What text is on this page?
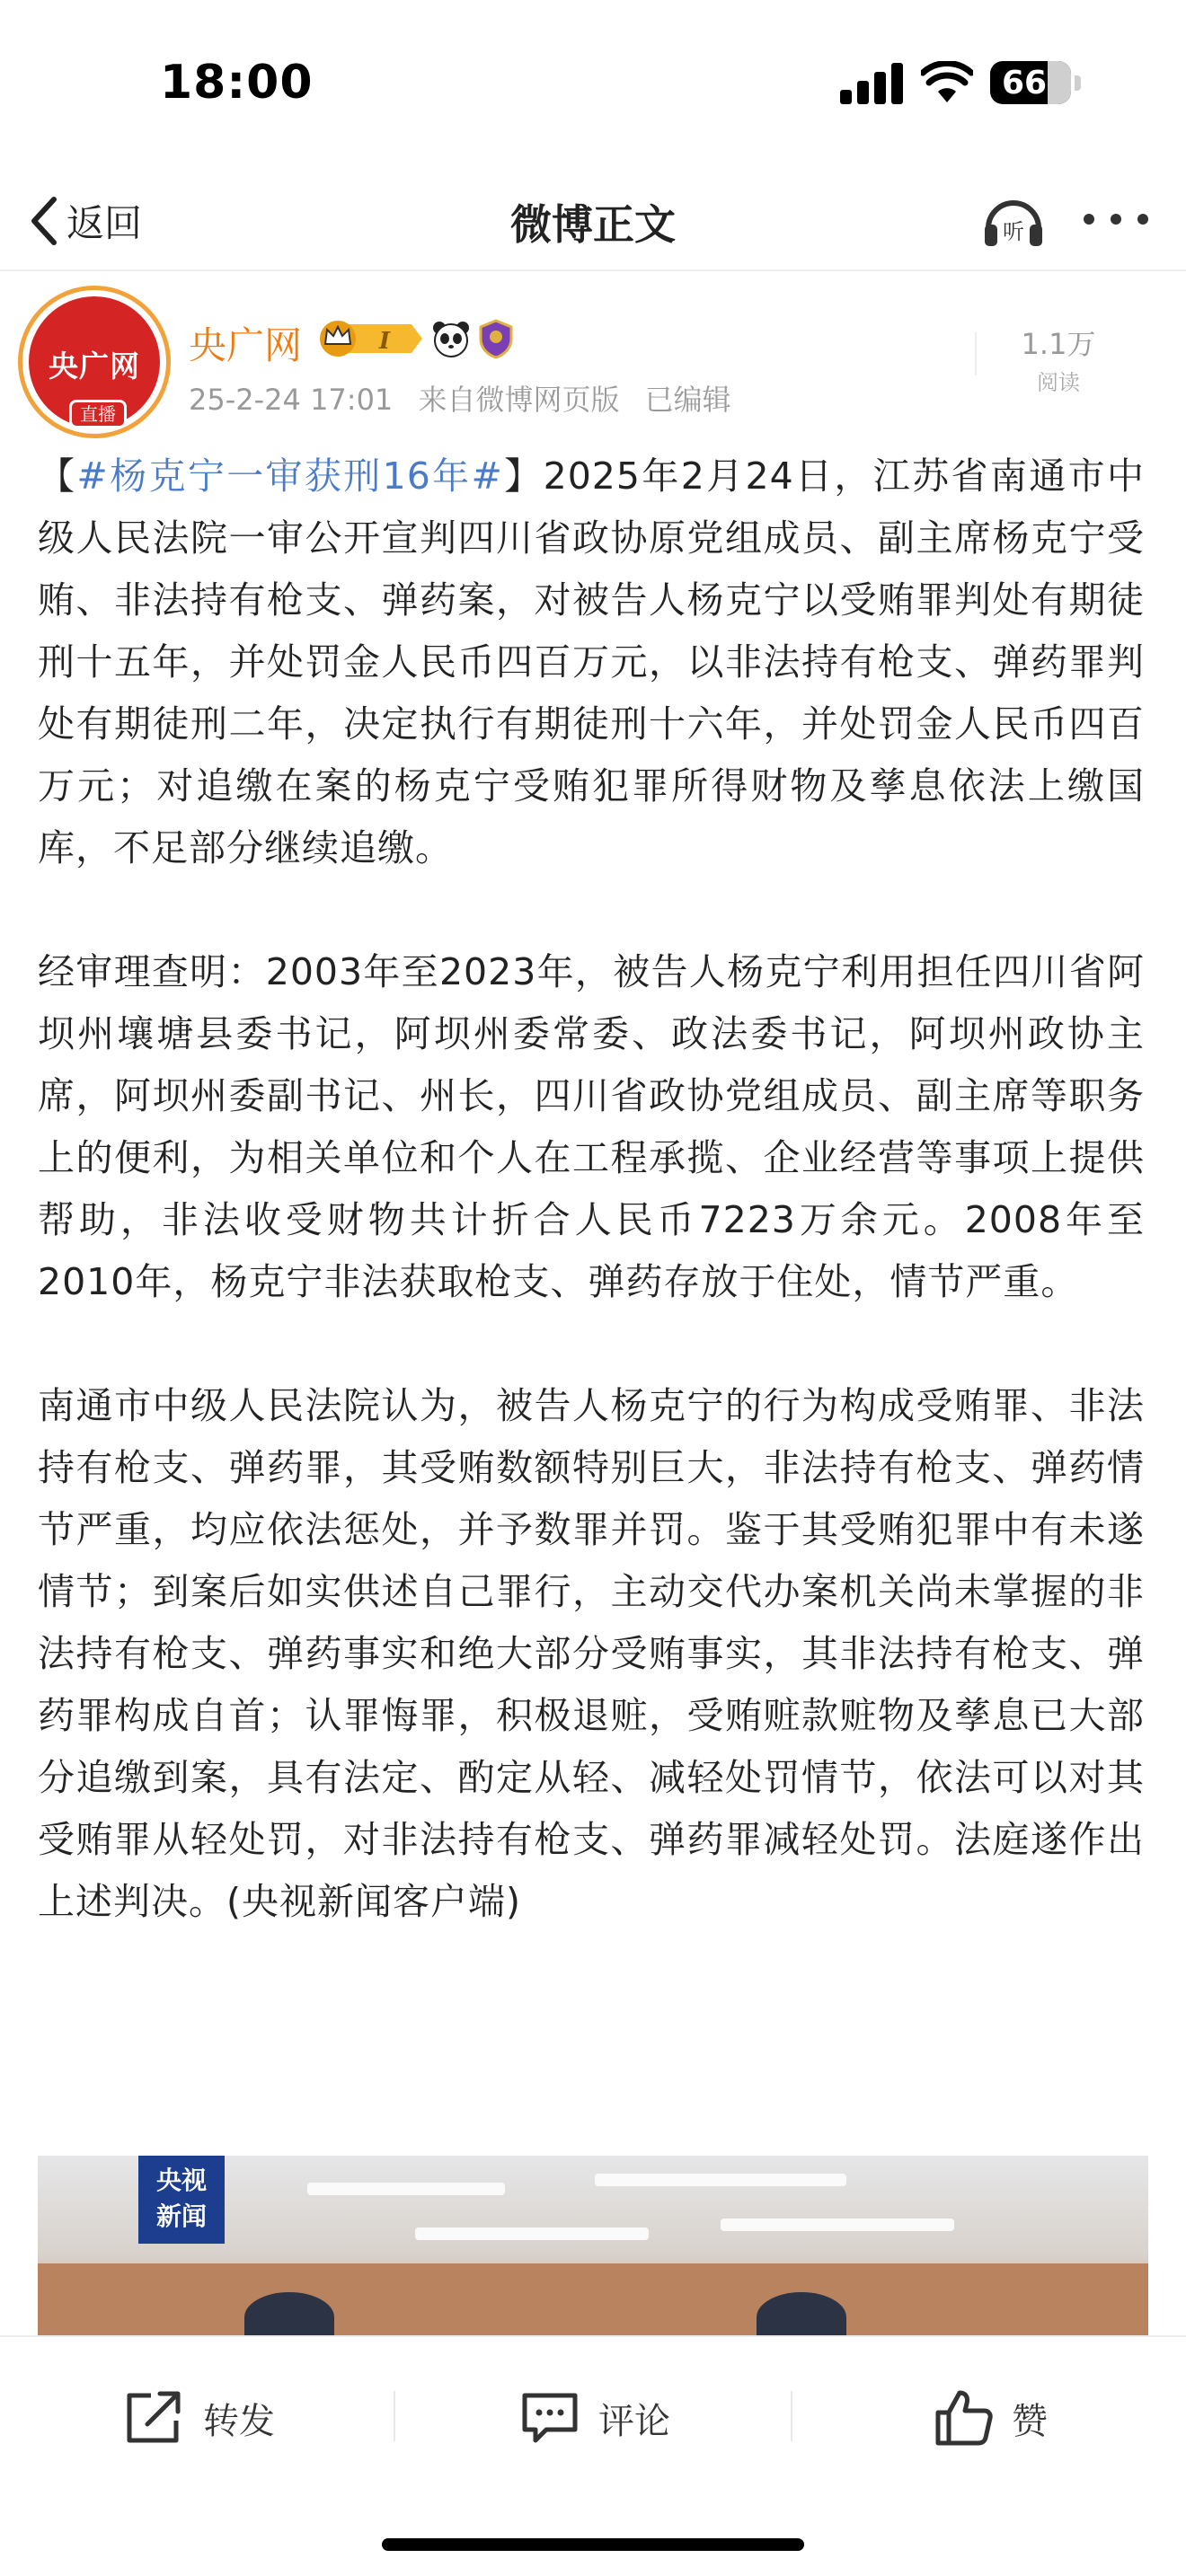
18:00	66
返回	微博正文	听
央广网
直播
央广网	I
25-2-24 17:01 来自微博网页版 已编辑
1.1万
阅读

【#杨克宁一审获刑16年#】2025年2月24日，江苏省南通市中级人民法院一审公开宣判四川省政协原党组成员、副主席杨克宁受贿、非法持有枪支、弹药案，对被告人杨克宁以受贿罪判处有期徒刑十五年，并处罚金人民币四百万元，以非法持有枪支、弹药罪判处有期徒刑二年，决定执行有期徒刑十六年，并处罚金人民币四百万元；对追缴在案的杨克宁受贿犯罪所得财物及孳息依法上缴国库，不足部分继续追缴。

经审理查明：2003年至2023年，被告人杨克宁利用担任四川省阿坝州壤塘县委书记，阿坝州委常委、政法委书记，阿坝州政协主席，阿坝州委副书记、州长，四川省政协党组成员、副主席等职务上的便利，为相关单位和个人在工程承揽、企业经营等事项上提供帮助，非法收受财物共计折合人民币7223万余元。2008年至2010年，杨克宁非法获取枪支、弹药存放于住处，情节严重。

南通市中级人民法院认为，被告人杨克宁的行为构成受贿罪、非法持有枪支、弹药罪，其受贿数额特别巨大，非法持有枪支、弹药情节严重，均应依法惩处，并予数罪并罚。鉴于其受贿犯罪中有未遂情节；到案后如实供述自己罪行，主动交代办案机关尚未掌握的非法持有枪支、弹药事实和绝大部分受贿事实，其非法持有枪支、弹药罪构成自首；认罪悔罪，积极退赃，受贿赃款赃物及孳息已大部分追缴到案，具有法定、酌定从轻、减轻处罚情节，依法可以对其受贿罪从轻处罚，对非法持有枪支、弹药罪减轻处罚。法庭遂作出上述判决。(央视新闻客户端)

央视
新闻
转发	评论	赞
